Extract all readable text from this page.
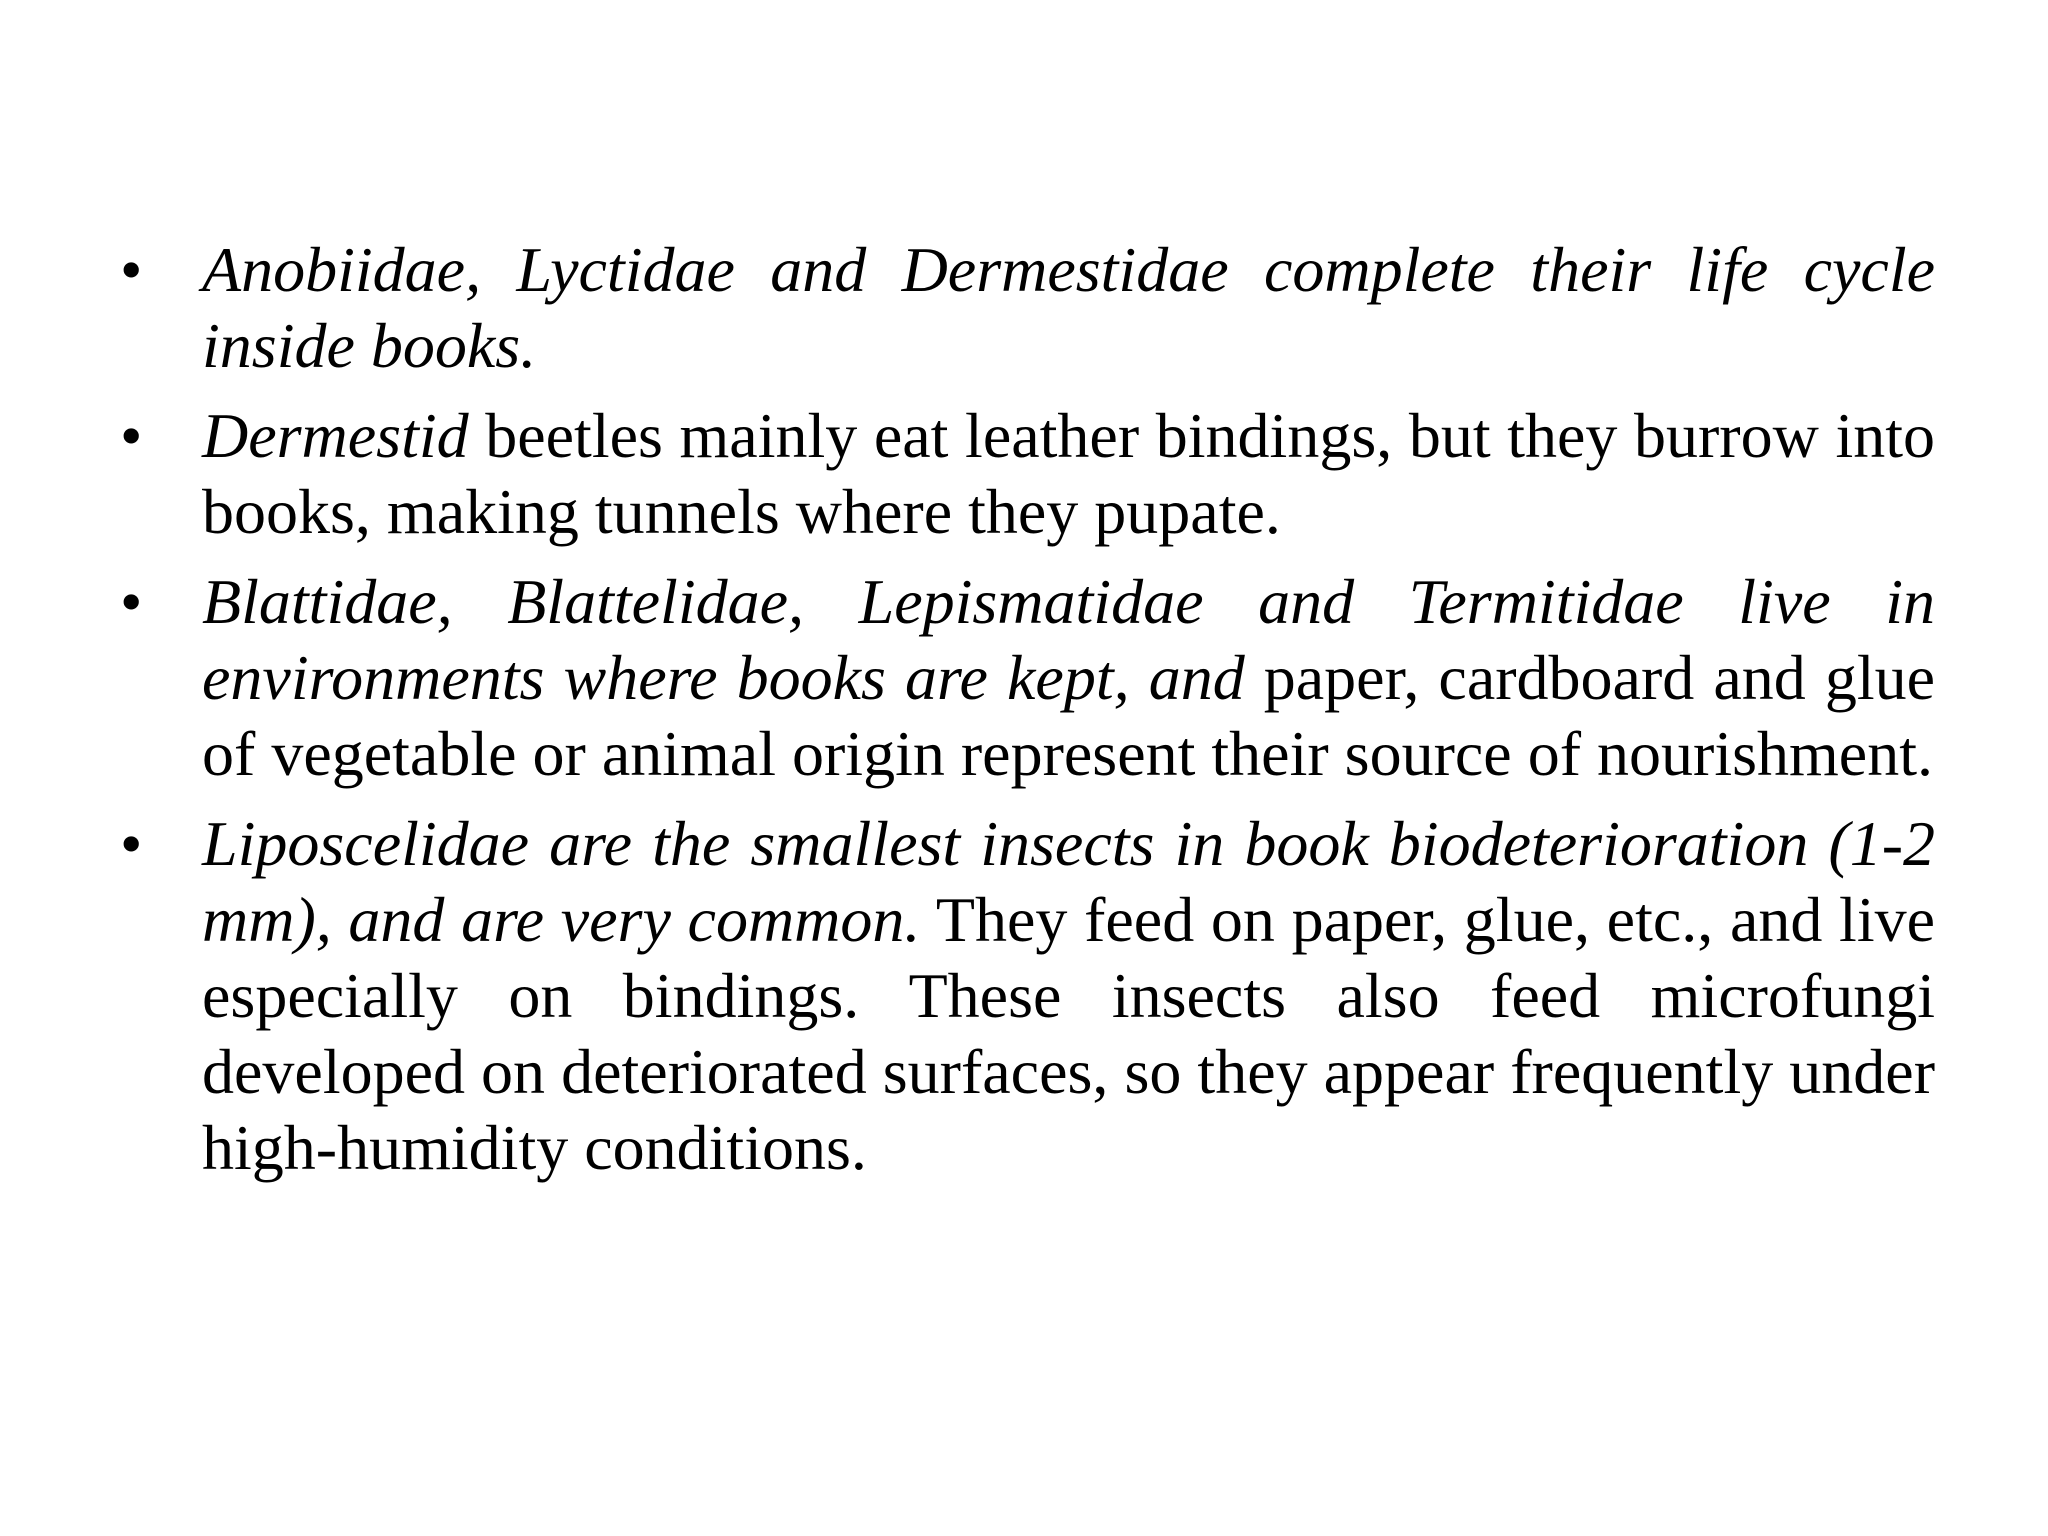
• Anobiidae, Lyctidae and Dermestidae complete their life cycle inside books.
• Dermestid beetles mainly eat leather bindings, but they burrow into books, making tunnels where they pupate.
• Blattidae, Blattelidae, Lepismatidae and Termitidae live in environments where books are kept, and paper, cardboard and glue of vegetable or animal origin represent their source of nourishment.
• Liposcelidae are the smallest insects in book biodeterioration (1-2 mm), and are very common. They feed on paper, glue, etc., and live especially on bindings. These insects also feed microfungi developed on deteriorated surfaces, so they appear frequently under high-humidity conditions.
